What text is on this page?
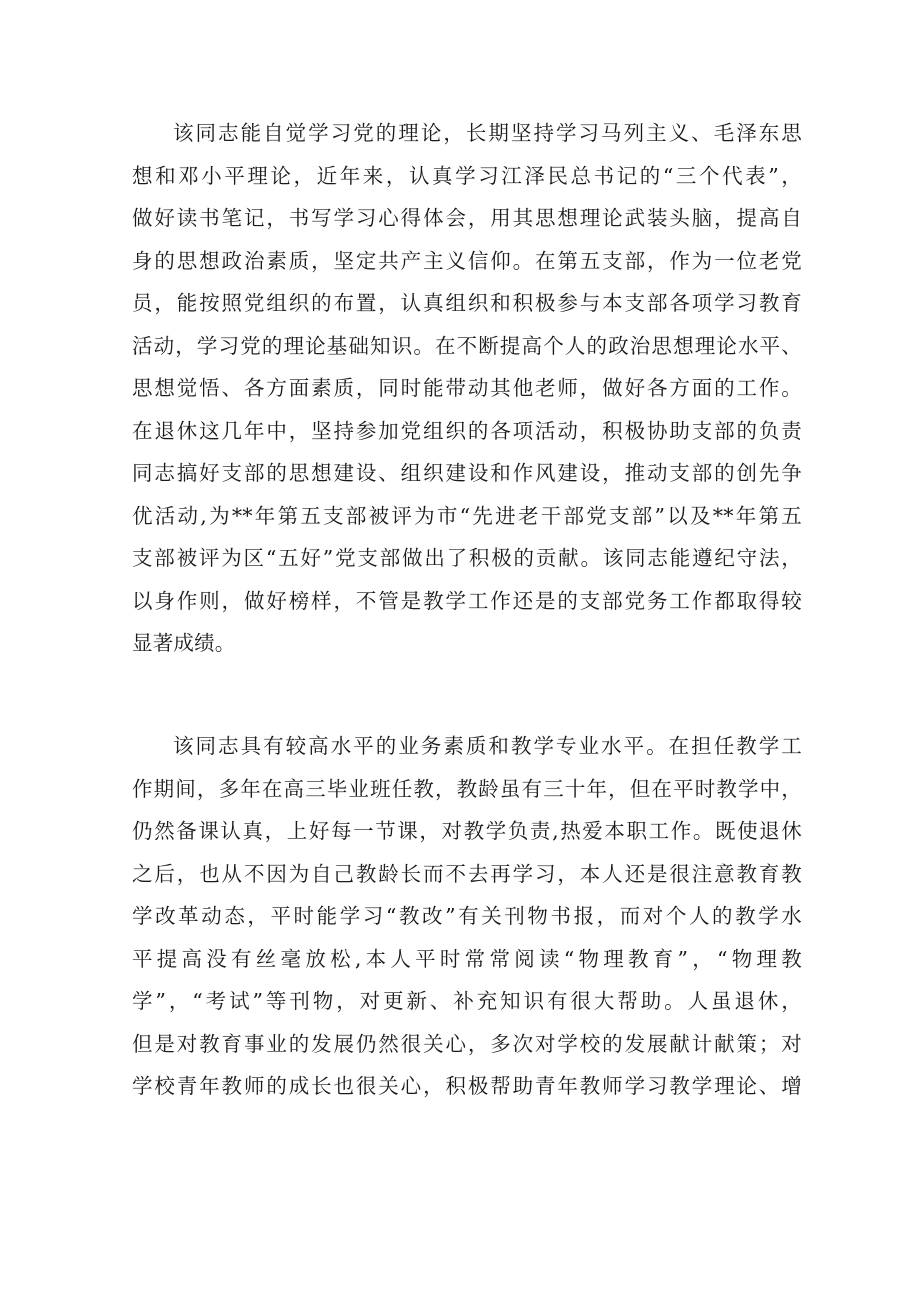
该同志能自觉学习党的理论，长期坚持学习马列主义、毛泽东思
想和邓小平理论，近年来，认真学习江泽民总书记的“三个代表”，
做好读书笔记，书写学习心得体会，用其思想理论武装头脑，提高自
身的思想政治素质，坚定共产主义信仰。在第五支部，作为一位老党
员，能按照党组织的布置，认真组织和积极参与本支部各项学习教育
活动，学习党的理论基础知识。在不断提高个人的政治思想理论水平、
思想觉悟、各方面素质，同时能带动其他老师，做好各方面的工作。
在退休这几年中，坚持参加党组织的各项活动，积极协助支部的负责
同志搞好支部的思想建设、组织建设和作风建设，推动支部的创先争
优活动,为**年第五支部被评为市“先进老干部党支部”以及**年第五
支部被评为区“五好”党支部做出了积极的贡献。该同志能遵纪守法，
以身作则，做好榜样，不管是教学工作还是的支部党务工作都取得较
显著成绩。
该同志具有较高水平的业务素质和教学专业水平。在担任教学工
作期间，多年在高三毕业班任教，教龄虽有三十年，但在平时教学中，
仍然备课认真，上好每一节课，对教学负责,热爱本职工作。既使退休
之后，也从不因为自己教龄长而不去再学习，本人还是很注意教育教
学改革动态，平时能学习“教改”有关刊物书报，而对个人的教学水
平提高没有丝毫放松,本人平时常常阅读“物理教育”，“物理教
学”，“考试”等刊物，对更新、补充知识有很大帮助。人虽退休，
但是对教育事业的发展仍然很关心，多次对学校的发展献计献策；对
学校青年教师的成长也很关心，积极帮助青年教师学习教学理论、增
